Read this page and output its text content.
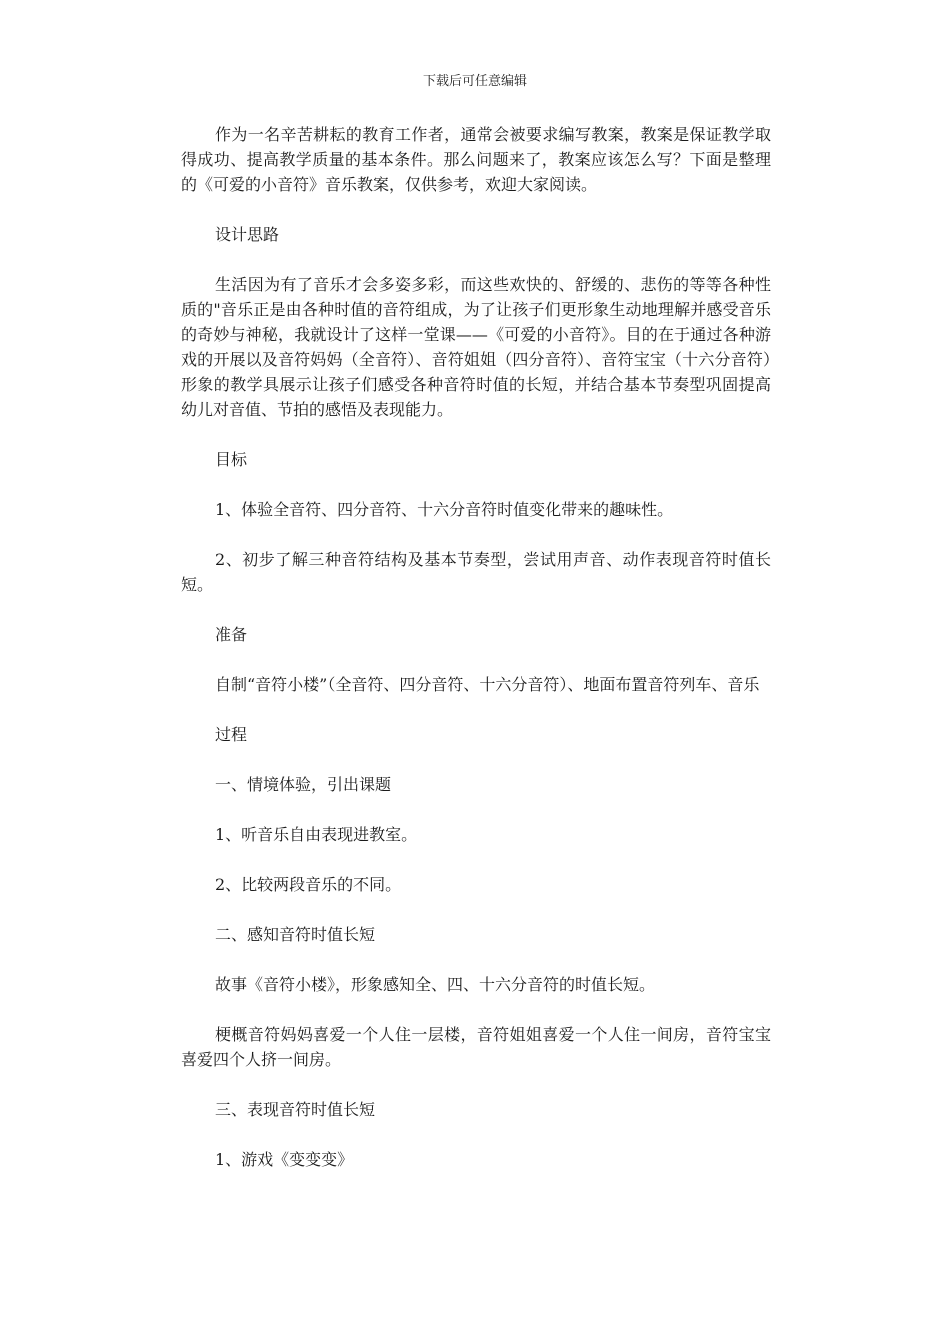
下载后可任意编辑

作为一名辛苦耕耘的教育工作者，通常会被要求编写教案，教案是保证教学取得成功、提高教学质量的基本条件。那么问题来了，教案应该怎么写？下面是整理的《可爱的小音符》音乐教案，仅供参考，欢迎大家阅读。

设计思路

生活因为有了音乐才会多姿多彩，而这些欢快的、舒缓的、悲伤的等等各种性质的"音乐正是由各种时值的音符组成，为了让孩子们更形象生动地理解并感受音乐的奇妙与神秘，我就设计了这样一堂课——《可爱的小音符》。目的在于通过各种游戏的开展以及音符妈妈（全音符）、音符姐姐（四分音符）、音符宝宝（十六分音符）形象的教学具展示让孩子们感受各种音符时值的长短，并结合基本节奏型巩固提高幼儿对音值、节拍的感悟及表现能力。

目标

1、体验全音符、四分音符、十六分音符时值变化带来的趣味性。

2、初步了解三种音符结构及基本节奏型，尝试用声音、动作表现音符时值长短。

准备

自制“音符小楼”（全音符、四分音符、十六分音符）、地面布置音符列车、音乐

过程

一、情境体验，引出课题

1、听音乐自由表现进教室。

2、比较两段音乐的不同。

二、感知音符时值长短

故事《音符小楼》，形象感知全、四、十六分音符的时值长短。

梗概音符妈妈喜爱一个人住一层楼，音符姐姐喜爱一个人住一间房，音符宝宝喜爱四个人挤一间房。

三、表现音符时值长短

1、游戏《变变变》
